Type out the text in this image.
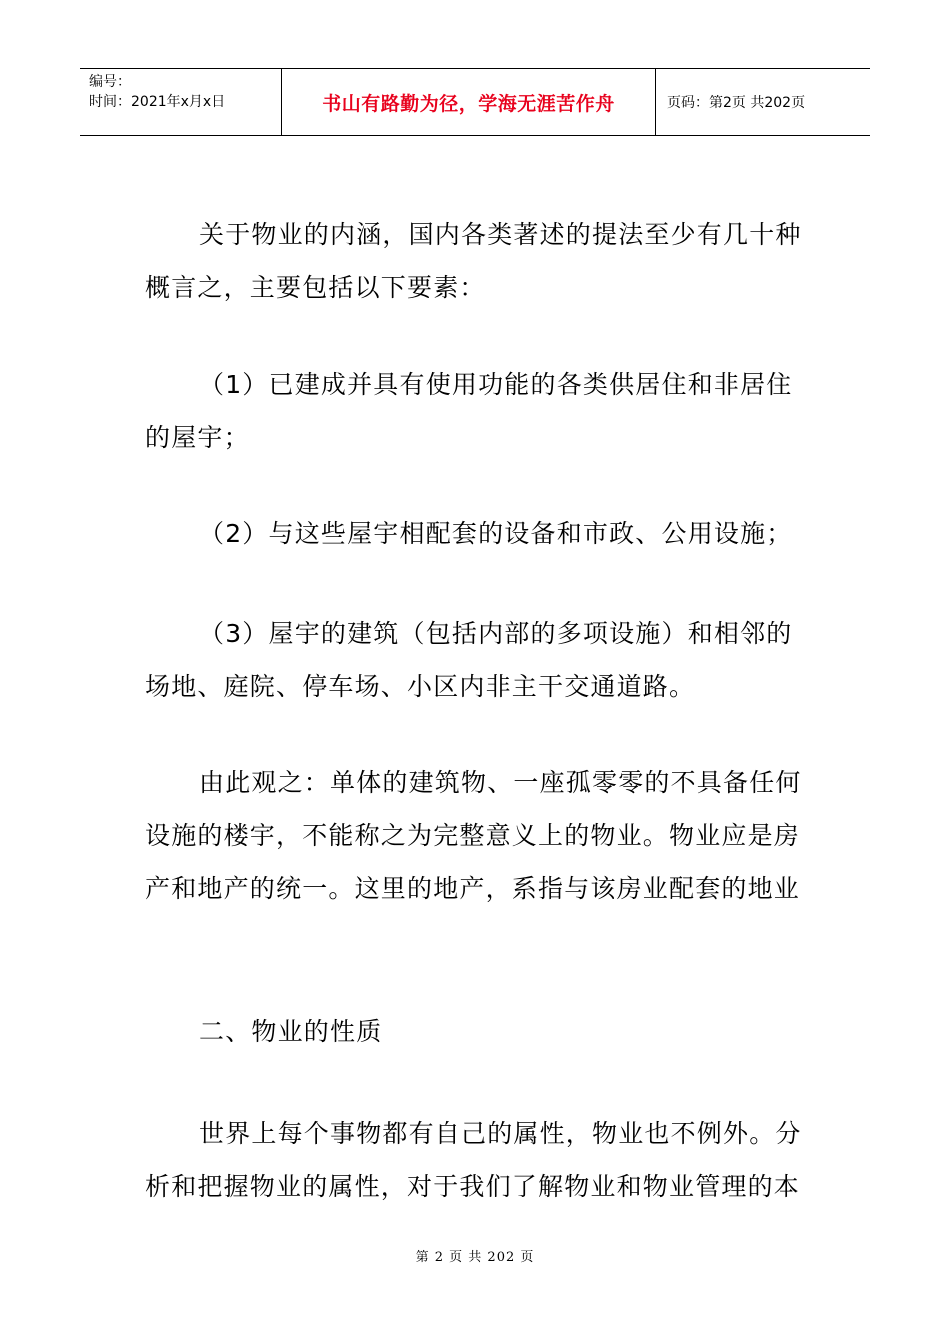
编号：
时间：2021年x月x日	书山有路勤为径，学海无涯苦作舟	页码：第2页 共202页

关于物业的内涵，国内各类著述的提法至少有几十种概言之，主要包括以下要素：

（1）已建成并具有使用功能的各类供居住和非居住的屋宇；

（2）与这些屋宇相配套的设备和市政、公用设施；

（3）屋宇的建筑（包括内部的多项设施）和相邻的场地、庭院、停车场、小区内非主干交通道路。

由此观之：单体的建筑物、一座孤零零的不具备任何设施的楼宇，不能称之为完整意义上的物业。物业应是房产和地产的统一。这里的地产，系指与该房业配套的地业

二、物业的性质

世界上每个事物都有自己的属性，物业也不例外。分析和把握物业的属性，对于我们了解物业和物业管理的本

第 2 页 共 202 页
